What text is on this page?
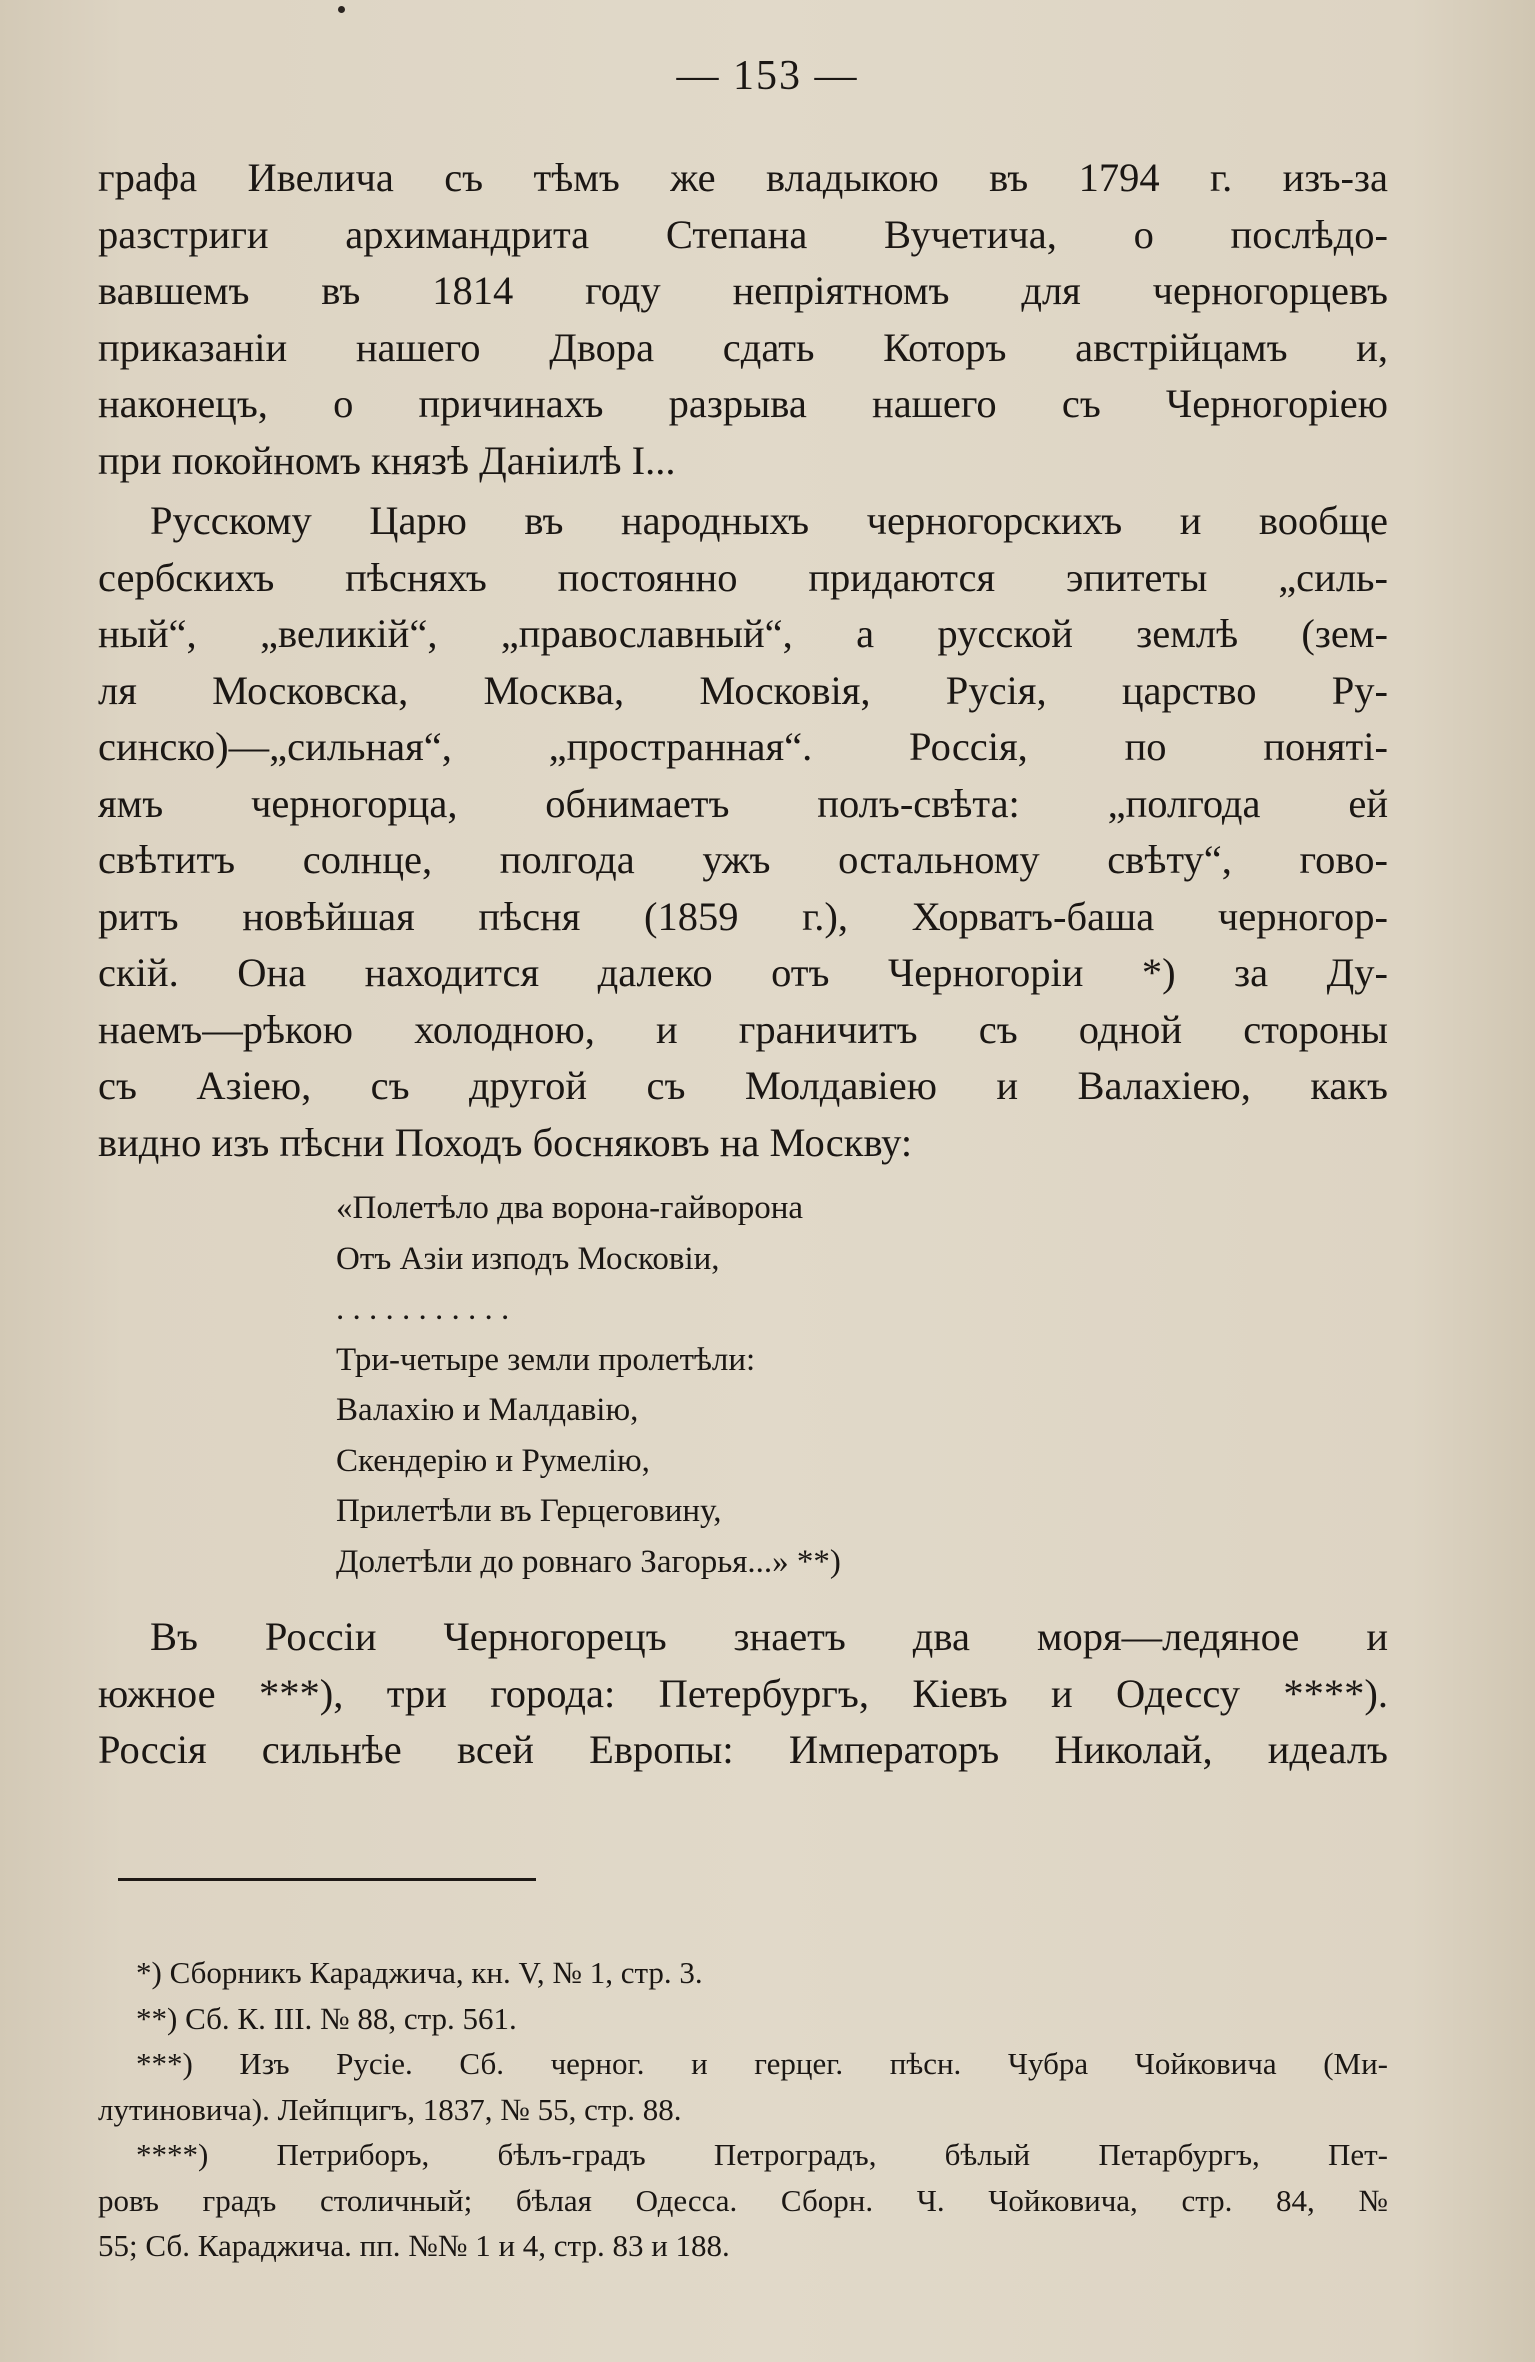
— 153 —

графа Ивелича съ тѣмъ же владыкою въ 1794 г. изъ-за
разстриги архимандрита Степана Вучетича, о послѣдо-
вавшемъ въ 1814 году непріятномъ для черногорцевъ
приказаніи нашего Двора сдать Которъ австрійцамъ и,
наконецъ, о причинахъ разрыва нашего съ Черногоріею
при покойномъ князѣ Даніилѣ I...

Русскому Царю въ народныхъ черногорскихъ и вообще
сербскихъ пѣсняхъ постоянно придаются эпитеты „силь-
ный“, „великій“, „православный“, а русской землѣ (зем-
ля Московска, Москва, Московія, Русія, царство Ру-
синско)—„сильная“, „пространная“. Россія, по понятi-
ямъ черногорца, обнимаетъ полъ-свѣта: „полгода ей
свѣтитъ солнце, полгода ужъ остальному свѣту“, гово-
ритъ новѣйшая пѣсня (1859 г.), Хорватъ-баша черногор-
скій. Она находится далеко отъ Черногоріи *) за Ду-
наемъ—рѣкою холодною, и граничитъ съ одной стороны
съ Азіею, съ другой съ Молдавіею и Валахіею, какъ
видно изъ пѣсни Походъ босняковъ на Москву:

«Полетѣло два ворона-гайворона
Отъ Азіи изподъ Московіи,
. . . . . . . . . . .
Три-четыре земли пролетѣли:
Валахію и Малдавію,
Скендерію и Румелію,
Прилетѣли въ Герцеговину,
Долетѣли до ровнаго Загорья...» **)

Въ Россіи Черногорецъ знаетъ два моря—ледяное и
южное ***), три города: Петербургъ, Кіевъ и Одессу ****).
Россія сильнѣе всей Европы: Императоръ Николай, идеалъ

*) Сборникъ Караджича, кн. V, № 1, стр. 3.
**) Сб. К. III. № 88, стр. 561.
***) Изъ Русіе. Сб. черног. и герцег. пѣсн. Чубра Чойковича (Ми-
лутиновича). Лейпцигъ, 1837, № 55, стр. 88.
****) Петриборъ, бѣлъ-градъ Петроградъ, бѣлый Петарбургъ, Пет-
ровъ градъ столичный; бѣлая Одесса. Сборн. Ч. Чойковича, стр. 84, №
55; Сб. Караджича. пп. №№ 1 и 4, стр. 83 и 188.
